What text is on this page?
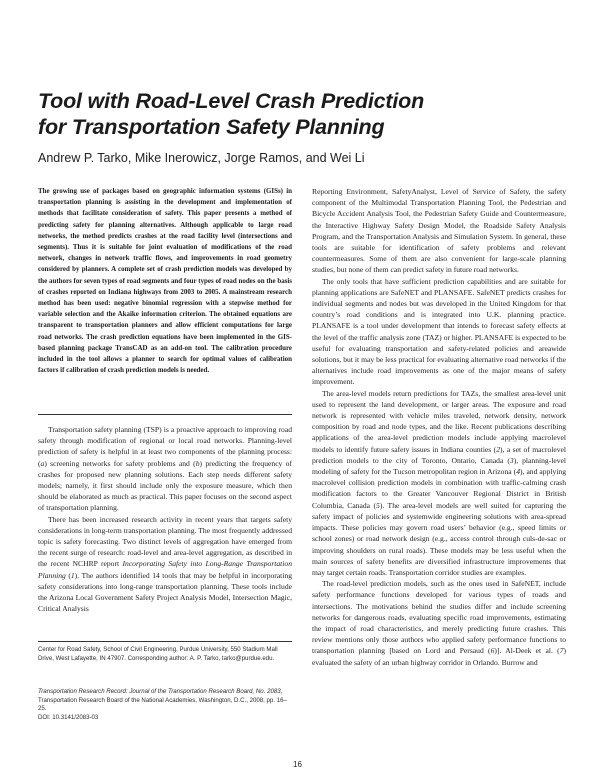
Tool with Road-Level Crash Prediction
for Transportation Safety Planning
Andrew P. Tarko, Mike Inerowicz, Jorge Ramos, and Wei Li

The growing use of packages based on geographic information systems (GISs) in transportation planning is assisting in the development and implementation of methods that facilitate consideration of safety. This paper presents a method of predicting safety for planning alternatives. Although applicable to large road networks, the method predicts crashes at the road facility level (intersections and segments). Thus it is suitable for joint evaluation of modifications of the road network, changes in network traffic flows, and improvements in road geometry considered by planners. A complete set of crash prediction models was developed by the authors for seven types of road segments and four types of road nodes on the basis of crashes reported on Indiana highways from 2003 to 2005. A mainstream research method has been used: negative binomial regression with a stepwise method for variable selection and the Akaike information criterion. The obtained equations are transparent to transportation planners and allow efficient computations for large road networks. The crash prediction equations have been implemented in the GIS-based planning package TransCAD as an add-on tool. The calibration procedure included in the tool allows a planner to search for optimal values of calibration factors if calibration of crash prediction models is needed.

Transportation safety planning (TSP) is a proactive approach to improving road safety through modification of regional or local road networks. Planning-level prediction of safety is helpful in at least two components of the planning process: (a) screening networks for safety problems and (b) predicting the frequency of crashes for proposed new planning solutions. Each step needs different safety models; namely, it first should include only the exposure measure, which then should be elaborated as much as practical. This paper focuses on the second aspect of transportation planning.

There has been increased research activity in recent years that targets safety considerations in long-term transportation planning. The most frequently addressed topic is safety forecasting. Two distinct levels of aggregation have emerged from the recent surge of research: road-level and area-level aggregation, as described in the recent NCHRP report Incorporating Safety into Long-Range Transportation Planning (1). The authors identified 14 tools that may be helpful in incorporating safety considerations into long-range transportation planning. These tools include the Arizona Local Government Safety Project Analysis Model, Intersection Magic, Critical Analysis

Center for Road Safety, School of Civil Engineering, Purdue University, 550 Stadium Mall Drive, West Lafayette, IN 47907. Corresponding author: A. P. Tarko, tarko@purdue.edu.
Transportation Research Record: Journal of the Transportation Research Board, No. 2083, Transportation Research Board of the National Academies, Washington, D.C., 2008, pp. 16–25.
DOI: 10.3141/2083-03

Reporting Environment, SafetyAnalyst, Level of Service of Safety, the safety component of the Multimodal Transportation Planning Tool, the Pedestrian and Bicycle Accident Analysis Tool, the Pedestrian Safety Guide and Countermeasure, the Interactive Highway Safety Design Model, the Roadside Safety Analysis Program, and the Transportation Analysis and Simulation System. In general, these tools are suitable for identification of safety problems and relevant countermeasures. Some of them are also convenient for large-scale planning studies, but none of them can predict safety in future road networks.

The only tools that have sufficient prediction capabilities and are suitable for planning applications are SafeNET and PLANSAFE. SafeNET predicts crashes for individual segments and nodes but was developed in the United Kingdom for that country’s road conditions and is integrated into U.K. planning practice. PLANSAFE is a tool under development that intends to forecast safety effects at the level of the traffic analysis zone (TAZ) or higher. PLANSAFE is expected to be useful for evaluating transportation and safety-related policies and areawide solutions, but it may be less practical for evaluating alternative road networks if the alternatives include road improvements as one of the major means of safety improvement.

The area-level models return predictions for TAZs, the smallest area-level unit used to represent the land development, or larger areas. The exposure and road network is represented with vehicle miles traveled, network density, network composition by road and node types, and the like. Recent publications describing applications of the area-level prediction models include applying macrolevel models to identify future safety issues in Indiana counties (2), a set of macrolevel prediction models to the city of Toronto, Ontario, Canada (3), planning-level modeling of safety for the Tucson metropolitan region in Arizona (4), and applying macrolevel collision prediction models in combination with traffic-calming crash modification factors to the Greater Vancouver Regional District in British Columbia, Canada (5). The area-level models are well suited for capturing the safety impact of policies and systemwide engineering solutions with area-spread impacts. These policies may govern road users’ behavior (e.g., speed limits or school zones) or road network design (e.g., access control through culs-de-sac or improving shoulders on rural roads). These models may be less useful when the main sources of safety benefits are diversified infrastructure improvements that may target certain roads. Transportation corridor studies are examples.

The road-level prediction models, such as the ones used in SafeNET, include safety performance functions developed for various types of roads and intersections. The motivations behind the studies differ and include screening networks for dangerous roads, evaluating specific road improvements, estimating the impact of road characteristics, and merely predicting future crashes. This review mentions only those authors who applied safety performance functions to transportation planning [based on Lord and Persaud (6)]. Al-Deek et al. (7) evaluated the safety of an urban highway corridor in Orlando. Burrow and

16
